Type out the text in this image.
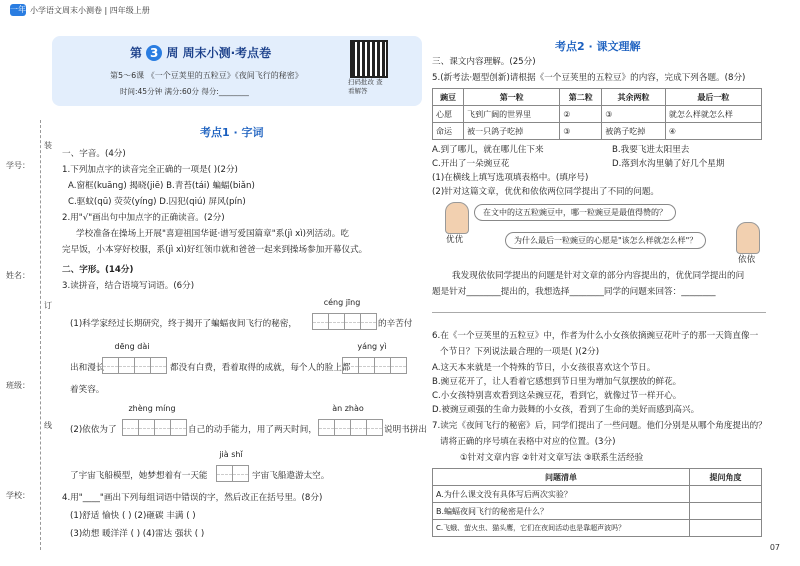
一年 小学语文周末小测卷 | 四年级上册
第 3 周 周末小测·考点卷
第5～6课 《一个豆荚里的五粒豆》《夜间飞行的秘密》
时间:45分钟 满分:60分 得分:________
扫码批改 查看解答
学号：
姓名：
班级：
学校：
装
订
线
考点1 · 字词
一、字音。(4分)
1.下列加点字的读音完全正确的一项是( )(2分)
A.窗框(kuāng) 揭晓(jiē) B.青苔(tái) 蝙蝠(biǎn)
C.驱蚊(qū) 荧荧(yíng) D.囚犯(qiú) 屏风(pín)
2.用"√"画出句中加点字的正确读音。(2分)
学校准备在操场上开展"喜迎祖国华诞·谱写爱国篇章"系(jì xì)列活动。吃
完早饭，小本穿好校服，系(jì xì)好红领巾就和爸爸一起来到操场参加开幕仪式。
二、字形。(14分)
3.读拼音，结合语境写词语。(6分)
céng jīng
(1)科学家经过长期研究，终于揭开了蝙蝠夜间飞行的秘密，	的辛苦付
dēng dài	yáng yì
出和漫长	都没有白费，看着取得的成就，每个人的脸上都
着笑容。
zhèng míng	àn zhào
(2)依依为了	自己的动手能力，用了两天时间，	说明书拼出
jià shǐ
了宇宙飞船模型，她梦想着有一天能	宇宙飞船遨游太空。
4.用"____"画出下列每组词语中错误的字，然后改正在括号里。(8分)
(1)舒适 愉快 ( ) (2)砸碳 丰满 ( )
(3)幼想 暖洋洋 ( ) (4)雷达 强状 ( )
考点2 · 课文理解
三、课文内容理解。(25分)
5.(新考法·题型创新)请根据《一个豆荚里的五粒豆》的内容，完成下列各题。(8分)
豌豆	第一粒	第二粒	其余两粒	最后一粒
心愿	飞到广阔的世界里	②	③	就怎么样就怎么样
命运	被一只鸽子吃掉	③	被鸽子吃掉	④
A.到了哪儿，就在哪儿住下来	B.我要飞进太阳里去
C.开出了一朵豌豆花	D.落到水沟里躺了好几个星期
(1)在横线上填写选项填表格中。(填序号)
(2)针对这篇文章，优优和依依两位同学提出了不同的问题。
优优
在文中的这五粒豌豆中，哪一粒豌豆是最值得赞的？
为什么最后一粒豌豆的心愿是"该怎么样就怎么样"？
依依
我发现依依同学提出的问题是针对文章的部分内容提出的，优优同学提出的问
题是针对________提出的，我想选择________同学的问题来回答：________
6.在《一个豆荚里的五粒豆》中，作者为什么小女孩依摘豌豆花叶子的那一天筒直像一
个节日？下列说法最合理的一项是( )(2分)
A.这天本来就是一个特殊的节日，小女孩很喜欢这个节日。
B.豌豆花开了，让人看着它感想到节日里为增加气氛摆放的鲜花。
C.小女孩特别喜欢看到这朵豌豆花，看到它，就像过节一样开心。
D.被豌豆顽强的生命力鼓舞的小女孩，看到了生命的美好而感到高兴。
7.读完《夜间飞行的秘密》后，同学们提出了一些问题。他们分别是从哪个角度提出的？
请将正确的序号填在表格中对应的位置。(3分)
①针对文章内容 ②针对文章写法 ③联系生活经验
问题清单	提问角度
A.为什么课文没有具体写后两次实验？	
B.蝙蝠夜间飞行的秘密是什么？	
C.飞蛾、萤火虫、猫头鹰，它们在夜间活动也是靠超声波吗？	
07
